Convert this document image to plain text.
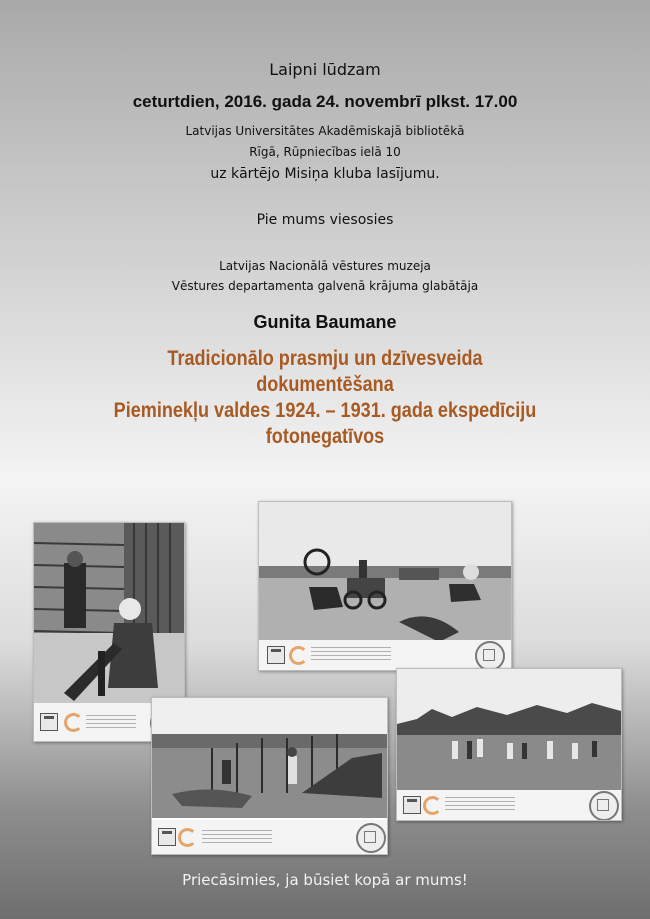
Laipni lūdzam
ceturtdien, 2016. gada 24. novembrī plkst. 17.00
Latvijas Universitātes Akadēmiskajā bibliotēkā
Rīgā, Rūpniecības ielā 10
uz kārtējo Misiņa kluba lasījumu.
Pie mums viesosies
Latvijas Nacionālā vēstures muzeja
Vēstures departamenta galvenā krājuma glabātāja
Gunita Baumane
Tradicionālo prasmju un dzīvesveida
dokumentēšana
Pieminekļu valdes 1924. – 1931. gada ekspedīciju
fotonegatīvos
Priecāsimies, ja būsiet kopā ar mums!
